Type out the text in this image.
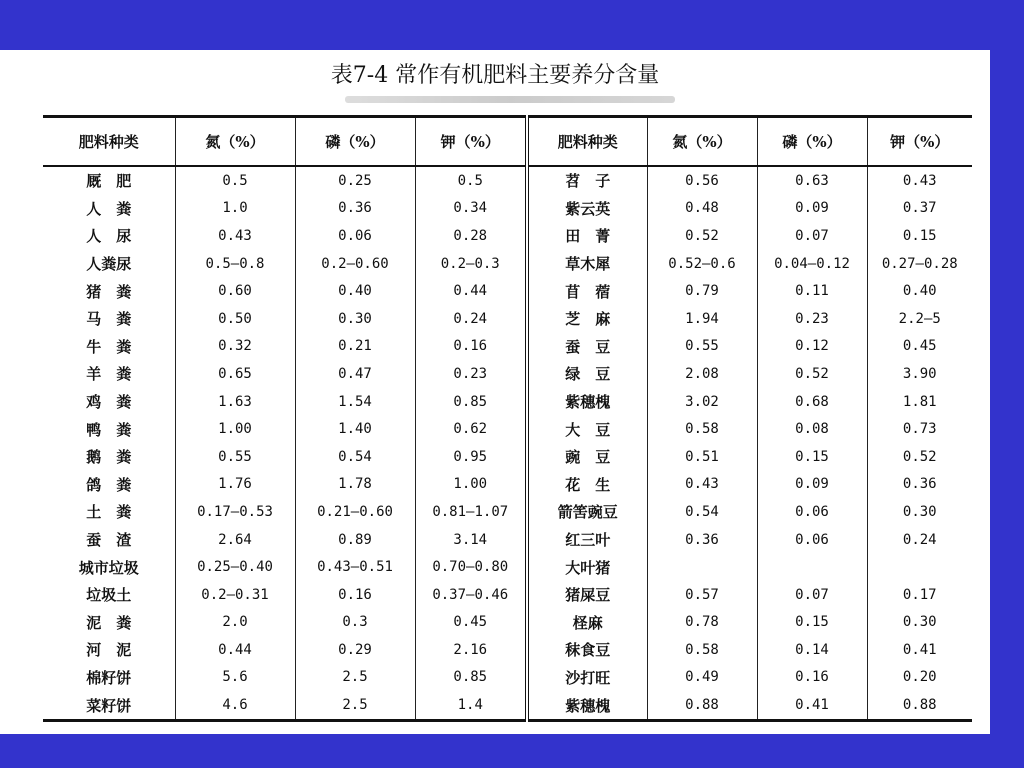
表7-4 常作有机肥料主要养分含量
肥料种类	氮（%）	磷（%）	钾（%）	肥料种类	氮（%）	磷（%）	钾（%）
厩　肥	0.5	0.25	0.5	苕　子	0.56	0.63	0.43
人　粪	1.0	0.36	0.34	紫云英	0.48	0.09	0.37
人　尿	0.43	0.06	0.28	田　菁	0.52	0.07	0.15
人粪尿	0.5—0.8	0.2—0.60	0.2—0.3	草木犀	0.52—0.6	0.04—0.12	0.27—0.28
猪　粪	0.60	0.40	0.44	苜　蓿	0.79	0.11	0.40
马　粪	0.50	0.30	0.24	芝　麻	1.94	0.23	2.2—5
牛　粪	0.32	0.21	0.16	蚕　豆	0.55	0.12	0.45
羊　粪	0.65	0.47	0.23	绿　豆	2.08	0.52	3.90
鸡　粪	1.63	1.54	0.85	紫穗槐	3.02	0.68	1.81
鸭　粪	1.00	1.40	0.62	大　豆	0.58	0.08	0.73
鹅　粪	0.55	0.54	0.95	豌　豆	0.51	0.15	0.52
鸽　粪	1.76	1.78	1.00	花　生	0.43	0.09	0.36
土　粪	0.17—0.53	0.21—0.60	0.81—1.07	箭筈豌豆	0.54	0.06	0.30
蚕　渣	2.64	0.89	3.14	红三叶	0.36	0.06	0.24
城市垃圾	0.25—0.40	0.43—0.51	0.70—0.80	大叶猪			
垃圾土	0.2—0.31	0.16	0.37—0.46	猪屎豆	0.57	0.07	0.17
泥　粪	2.0	0.3	0.45	柽麻	0.78	0.15	0.30
河　泥	0.44	0.29	2.16	秣食豆	0.58	0.14	0.41
棉籽饼	5.6	2.5	0.85	沙打旺	0.49	0.16	0.20
菜籽饼	4.6	2.5	1.4	紫穗槐	0.88	0.41	0.88
